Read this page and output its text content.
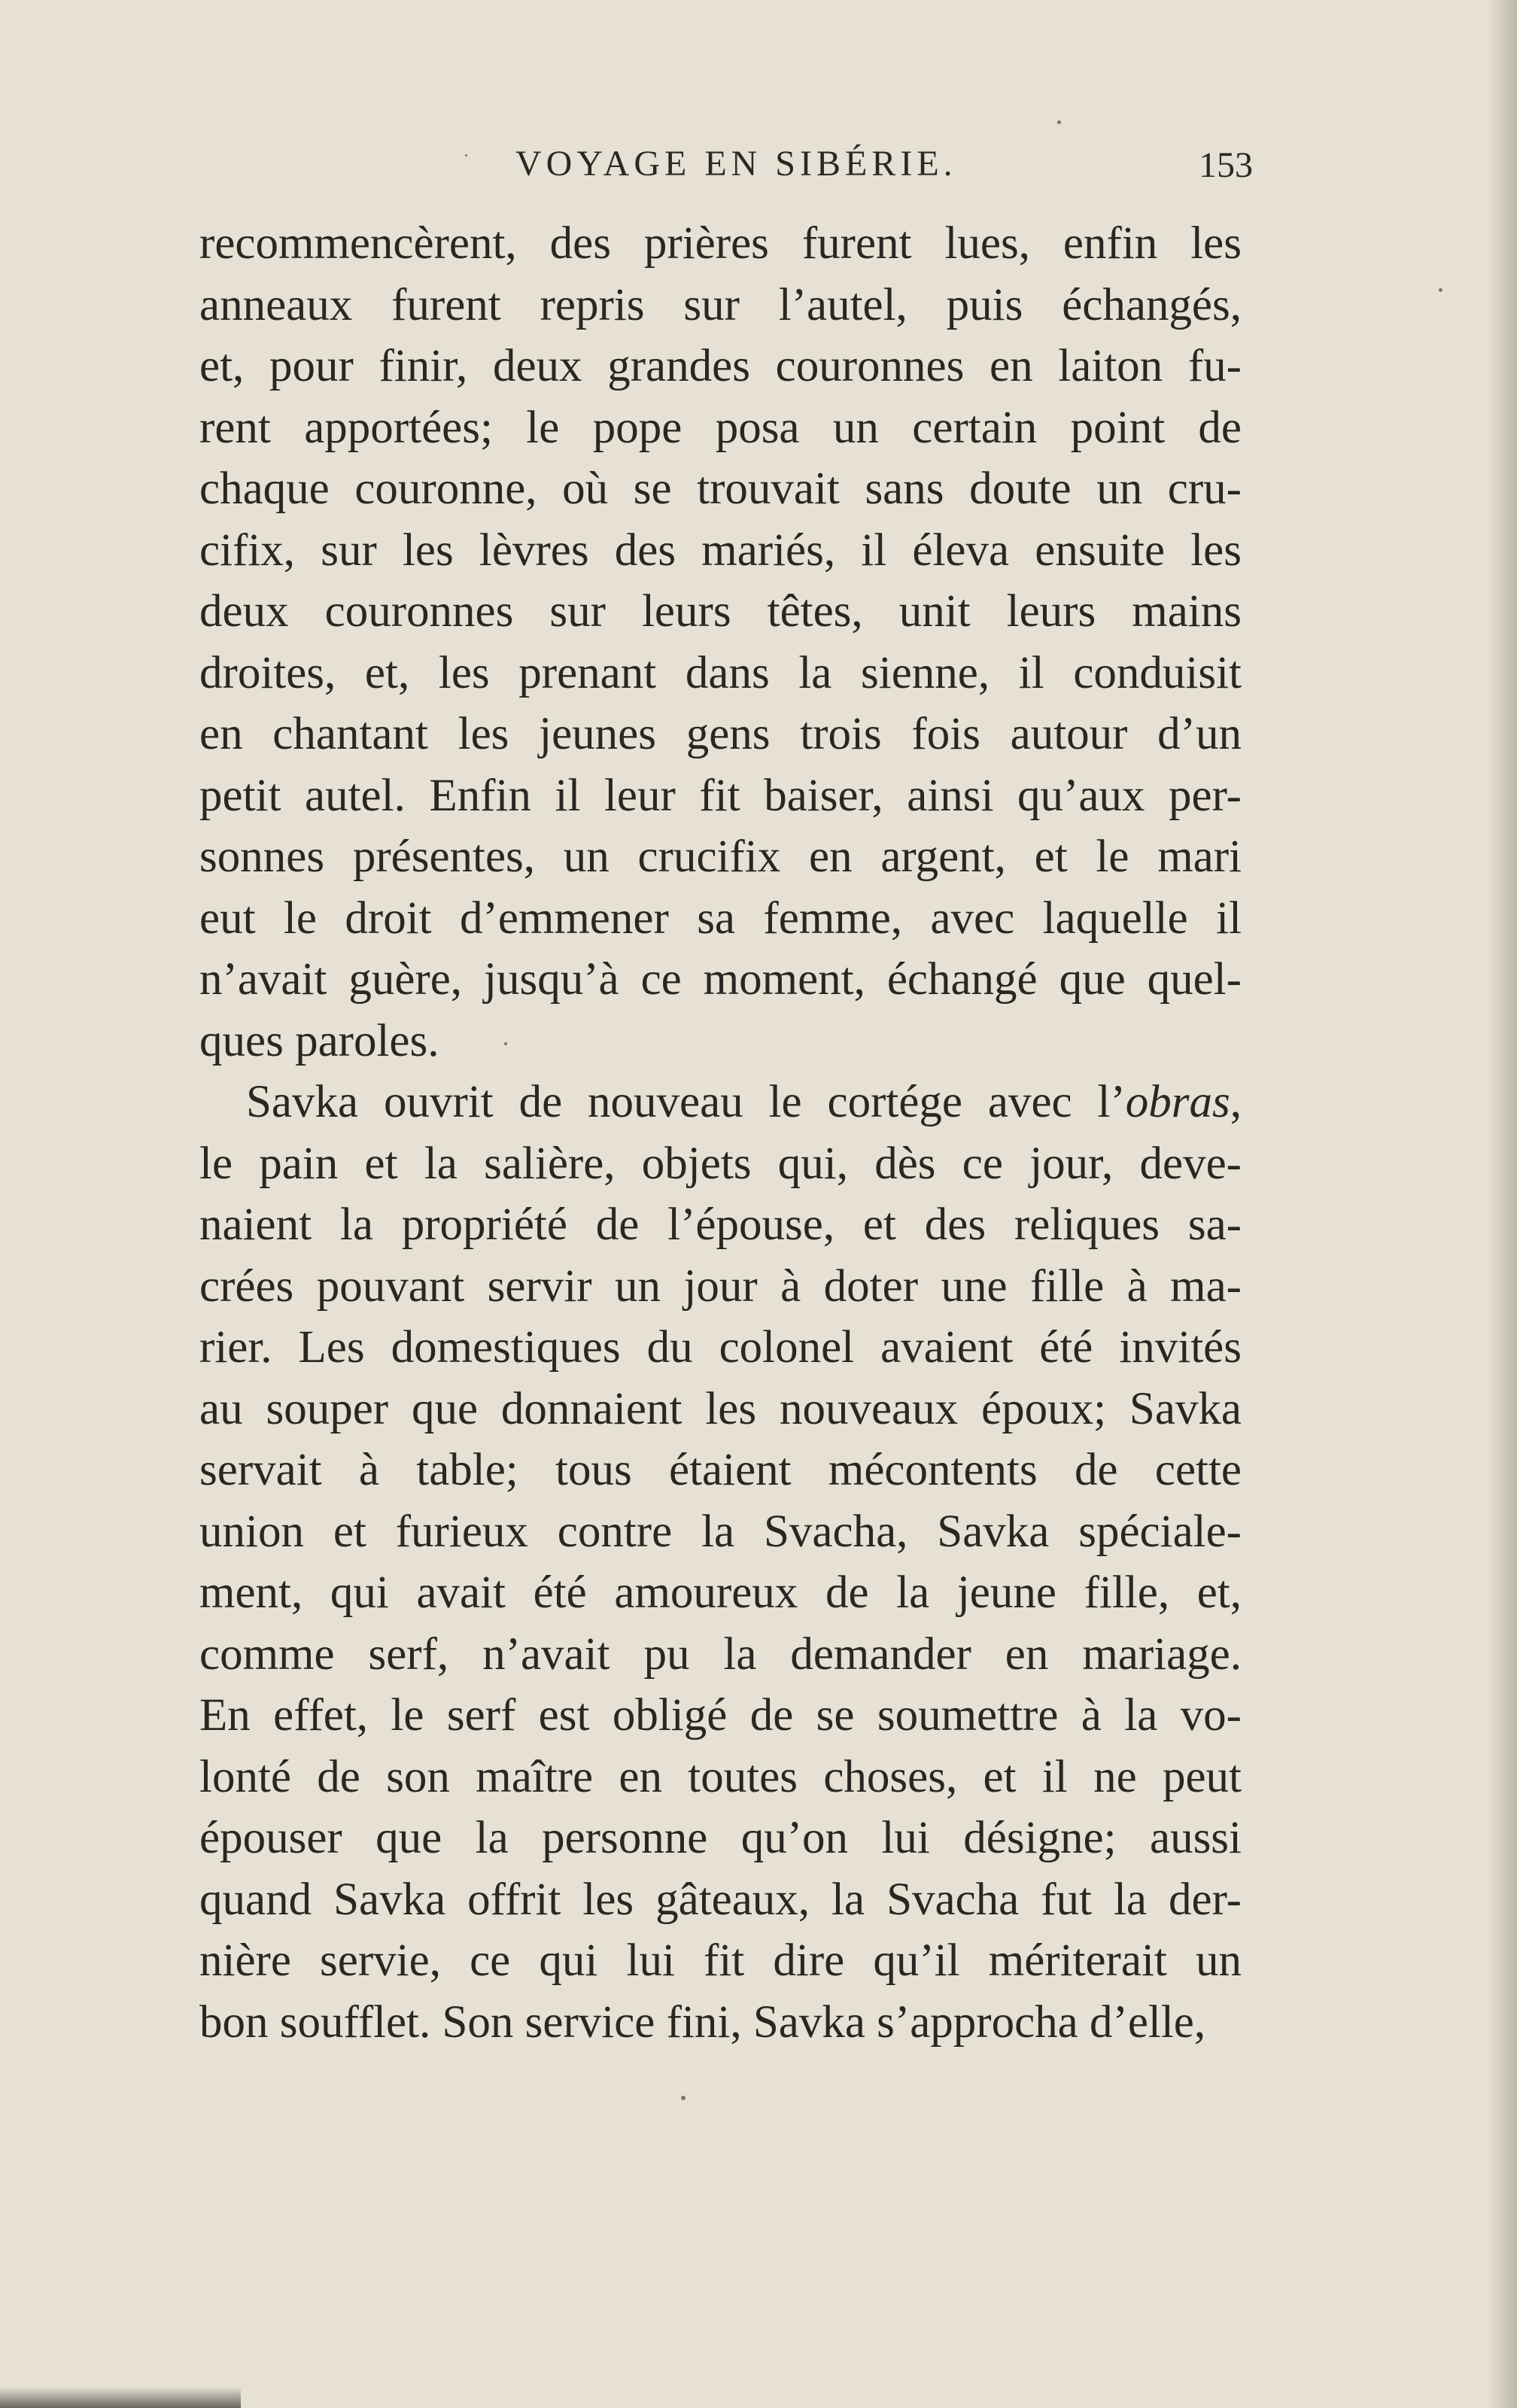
VOYAGE EN SIBÉRIE.	153
recommencèrent, des prières furent lues, enfin les
anneaux furent repris sur l’autel, puis échangés,
et, pour finir, deux grandes couronnes en laiton fu-
rent apportées; le pope posa un certain point de
chaque couronne, où se trouvait sans doute un cru-
cifix, sur les lèvres des mariés, il éleva ensuite les
deux couronnes sur leurs têtes, unit leurs mains
droites, et, les prenant dans la sienne, il conduisit
en chantant les jeunes gens trois fois autour d’un
petit autel. Enfin il leur fit baiser, ainsi qu’aux per-
sonnes présentes, un crucifix en argent, et le mari
eut le droit d’emmener sa femme, avec laquelle il
n’avait guère, jusqu’à ce moment, échangé que quel-
ques paroles.
Savka ouvrit de nouveau le cortége avec l’obras,
le pain et la salière, objets qui, dès ce jour, deve-
naient la propriété de l’épouse, et des reliques sa-
crées pouvant servir un jour à doter une fille à ma-
rier. Les domestiques du colonel avaient été invités
au souper que donnaient les nouveaux époux; Savka
servait à table; tous étaient mécontents de cette
union et furieux contre la Svacha, Savka spéciale-
ment, qui avait été amoureux de la jeune fille, et,
comme serf, n’avait pu la demander en mariage.
En effet, le serf est obligé de se soumettre à la vo-
lonté de son maître en toutes choses, et il ne peut
épouser que la personne qu’on lui désigne; aussi
quand Savka offrit les gâteaux, la Svacha fut la der-
nière servie, ce qui lui fit dire qu’il mériterait un
bon soufflet. Son service fini, Savka s’approcha d’elle,
